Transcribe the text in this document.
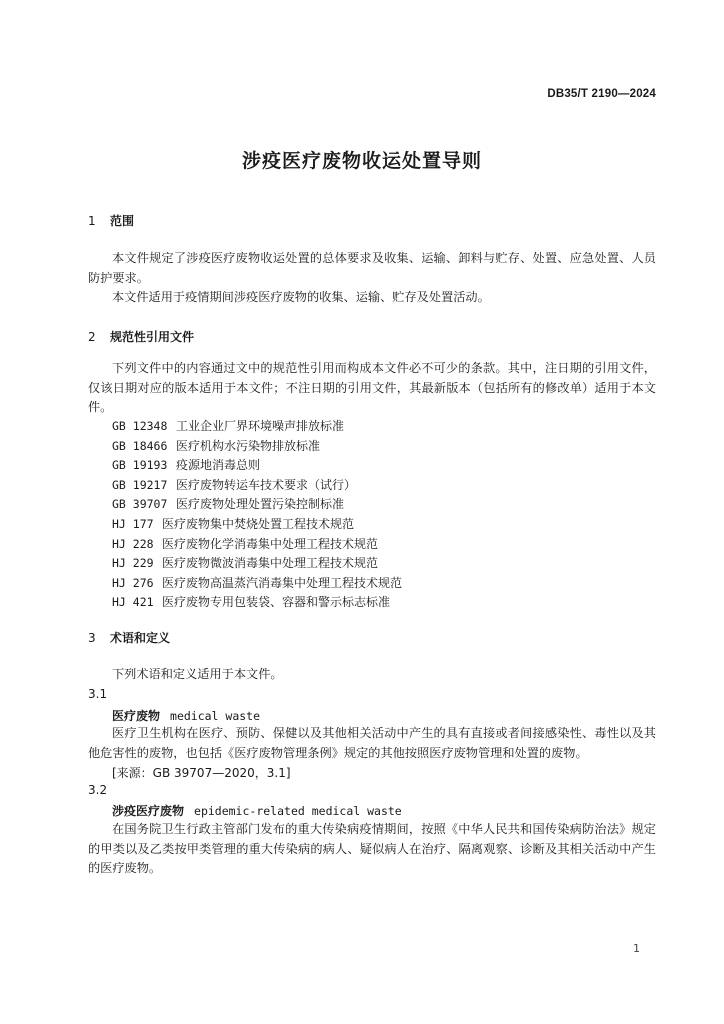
DB35/T 2190—2024
涉疫医疗废物收运处置导则
1 范围

本文件规定了涉疫医疗废物收运处置的总体要求及收集、运输、卸料与贮存、处置、应急处置、人员防护要求。

本文件适用于疫情期间涉疫医疗废物的收集、运输、贮存及处置活动。

2 规范性引用文件

下列文件中的内容通过文中的规范性引用而构成本文件必不可少的条款。其中，注日期的引用文件，仅该日期对应的版本适用于本文件；不注日期的引用文件，其最新版本（包括所有的修改单）适用于本文件。

GB 12348 工业企业厂界环境噪声排放标准
GB 18466 医疗机构水污染物排放标准
GB 19193 疫源地消毒总则
GB 19217 医疗废物转运车技术要求（试行）
GB 39707 医疗废物处理处置污染控制标准
HJ 177 医疗废物集中焚烧处置工程技术规范
HJ 228 医疗废物化学消毒集中处理工程技术规范
HJ 229 医疗废物微波消毒集中处理工程技术规范
HJ 276 医疗废物高温蒸汽消毒集中处理工程技术规范
HJ 421 医疗废物专用包装袋、容器和警示标志标准
3 术语和定义

下列术语和定义适用于本文件。

3.1
医疗废物 medical waste

医疗卫生机构在医疗、预防、保健以及其他相关活动中产生的具有直接或者间接感染性、毒性以及其他危害性的废物，也包括《医疗废物管理条例》规定的其他按照医疗废物管理和处置的废物。

[来源：GB 39707—2020，3.1]
3.2
涉疫医疗废物 epidemic-related medical waste

在国务院卫生行政主管部门发布的重大传染病疫情期间，按照《中华人民共和国传染病防治法》规定的甲类以及乙类按甲类管理的重大传染病的病人、疑似病人在治疗、隔离观察、诊断及其相关活动中产生的医疗废物。

1
